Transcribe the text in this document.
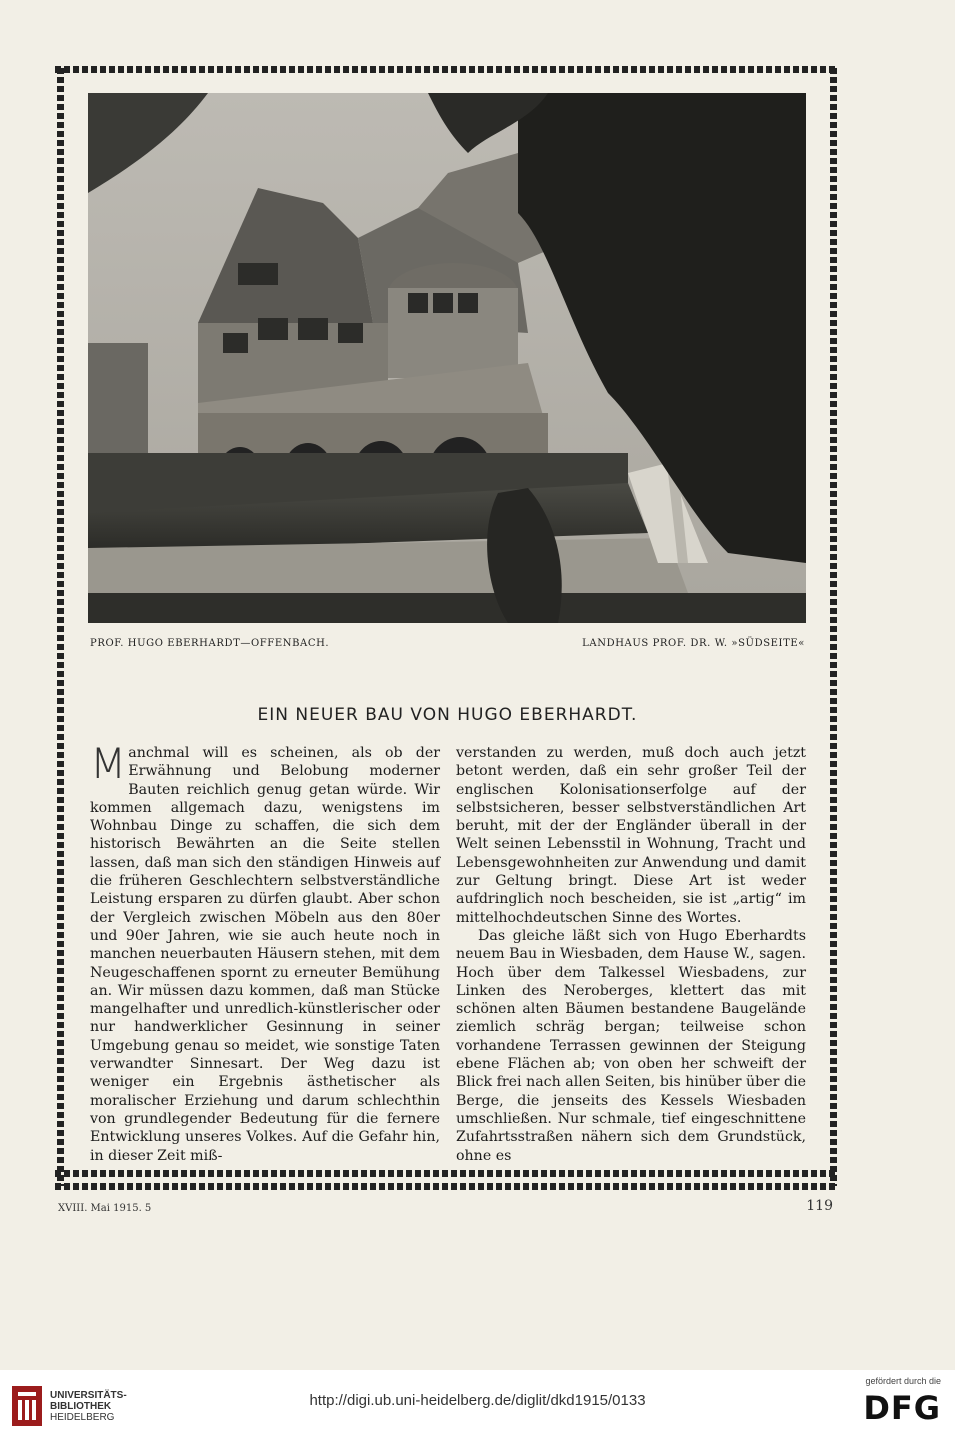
PROF. HUGO EBERHARDT—OFFENBACH.	LANDHAUS PROF. DR. W. »SÜDSEITE«
EIN NEUER BAU VON HUGO EBERHARDT.

Manchmal will es scheinen, als ob der Erwähnung und Belobung moderner Bauten reichlich genug getan würde. Wir kommen allgemach dazu, wenigstens im Wohnbau Dinge zu schaffen, die sich dem historisch Bewährten an die Seite stellen lassen, daß man sich den ständigen Hinweis auf die früheren Geschlechtern selbstverständliche Leistung ersparen zu dürfen glaubt. Aber schon der Vergleich zwischen Möbeln aus den 80er und 90er Jahren, wie sie auch heute noch in manchen neuerbauten Häusern stehen, mit dem Neugeschaffenen spornt zu erneuter Bemühung an. Wir müssen dazu kommen, daß man Stücke mangelhafter und unredlich-künstlerischer oder nur handwerklicher Gesinnung in seiner Umgebung genau so meidet, wie sonstige Taten verwandter Sinnesart. Der Weg dazu ist weniger ein Ergebnis ästhetischer als moralischer Erziehung und darum schlechthin von grundlegender Bedeutung für die fernere Entwicklung unseres Volkes. Auf die Gefahr hin, in dieser Zeit miß-

verstanden zu werden, muß doch auch jetzt betont werden, daß ein sehr großer Teil der englischen Kolonisationserfolge auf der selbstsicheren, besser selbstverständlichen Art beruht, mit der der Engländer überall in der Welt seinen Lebensstil in Wohnung, Tracht und Lebensgewohnheiten zur Anwendung und damit zur Geltung bringt. Diese Art ist weder aufdringlich noch bescheiden, sie ist „artig“ im mittelhochdeutschen Sinne des Wortes.

Das gleiche läßt sich von Hugo Eberhardts neuem Bau in Wiesbaden, dem Hause W., sagen. Hoch über dem Talkessel Wiesbadens, zur Linken des Neroberges, klettert das mit schönen alten Bäumen bestandene Baugelände ziemlich schräg bergan; teilweise schon vorhandene Terrassen gewinnen der Steigung ebene Flächen ab; von oben her schweift der Blick frei nach allen Seiten, bis hinüber über die Berge, die jenseits des Kessels Wiesbaden umschließen. Nur schmale, tief eingeschnittene Zufahrtsstraßen nähern sich dem Grundstück, ohne es

XVIII. Mai 1915. 5	119
UNIVERSITÄTS-
BIBLIOTHEK
HEIDELBERG
http://digi.ub.uni-heidelberg.de/diglit/dkd1915/0133
gefördert durch die
DFG
